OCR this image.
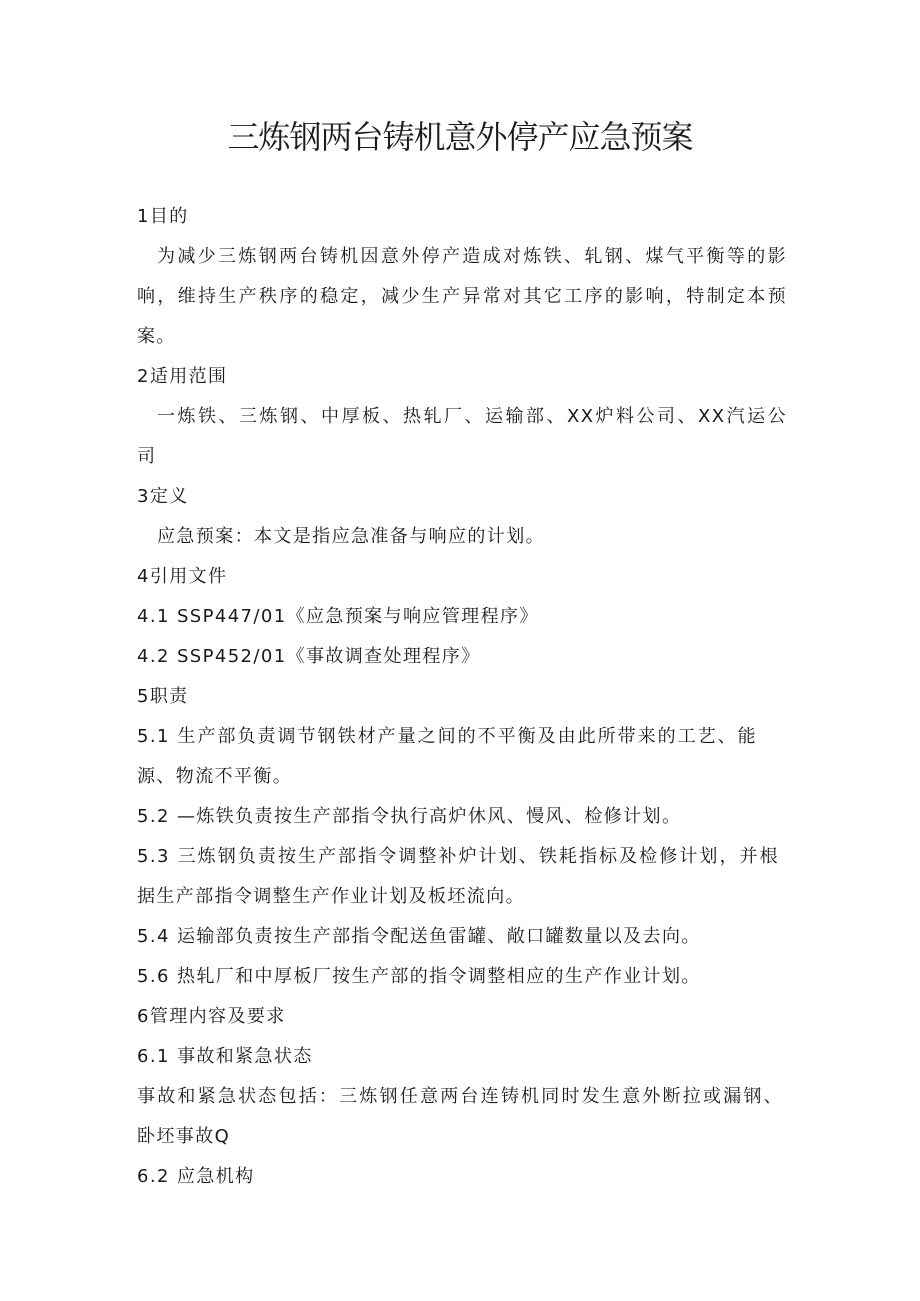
三炼钢两台铸机意外停产应急预案

1目的

为减少三炼钢两台铸机因意外停产造成对炼铁、轧钢、煤气平衡等的影

响，维持生产秩序的稳定，减少生产异常对其它工序的影响，特制定本预

案。

2适用范围

一炼铁、三炼钢、中厚板、热轧厂、运输部、XX炉料公司、XX汽运公

司

3定义

应急预案：本文是指应急准备与响应的计划。

4引用文件

4.1 SSP447/01《应急预案与响应管理程序》

4.2 SSP452/01《事故调查处理程序》

5职责

5.1 生产部负责调节钢铁材产量之间的不平衡及由此所带来的工艺、能

源、物流不平衡。

5.2 —炼铁负责按生产部指令执行高炉休风、慢风、检修计划。

5.3 三炼钢负责按生产部指令调整补炉计划、铁耗指标及检修计划，并根

据生产部指令调整生产作业计划及板坯流向。

5.4 运输部负责按生产部指令配送鱼雷罐、敞口罐数量以及去向。

5.6 热轧厂和中厚板厂按生产部的指令调整相应的生产作业计划。

6管理内容及要求

6.1 事故和紧急状态

事故和紧急状态包括：三炼钢任意两台连铸机同时发生意外断拉或漏钢、

卧坯事故Q

6.2 应急机构
